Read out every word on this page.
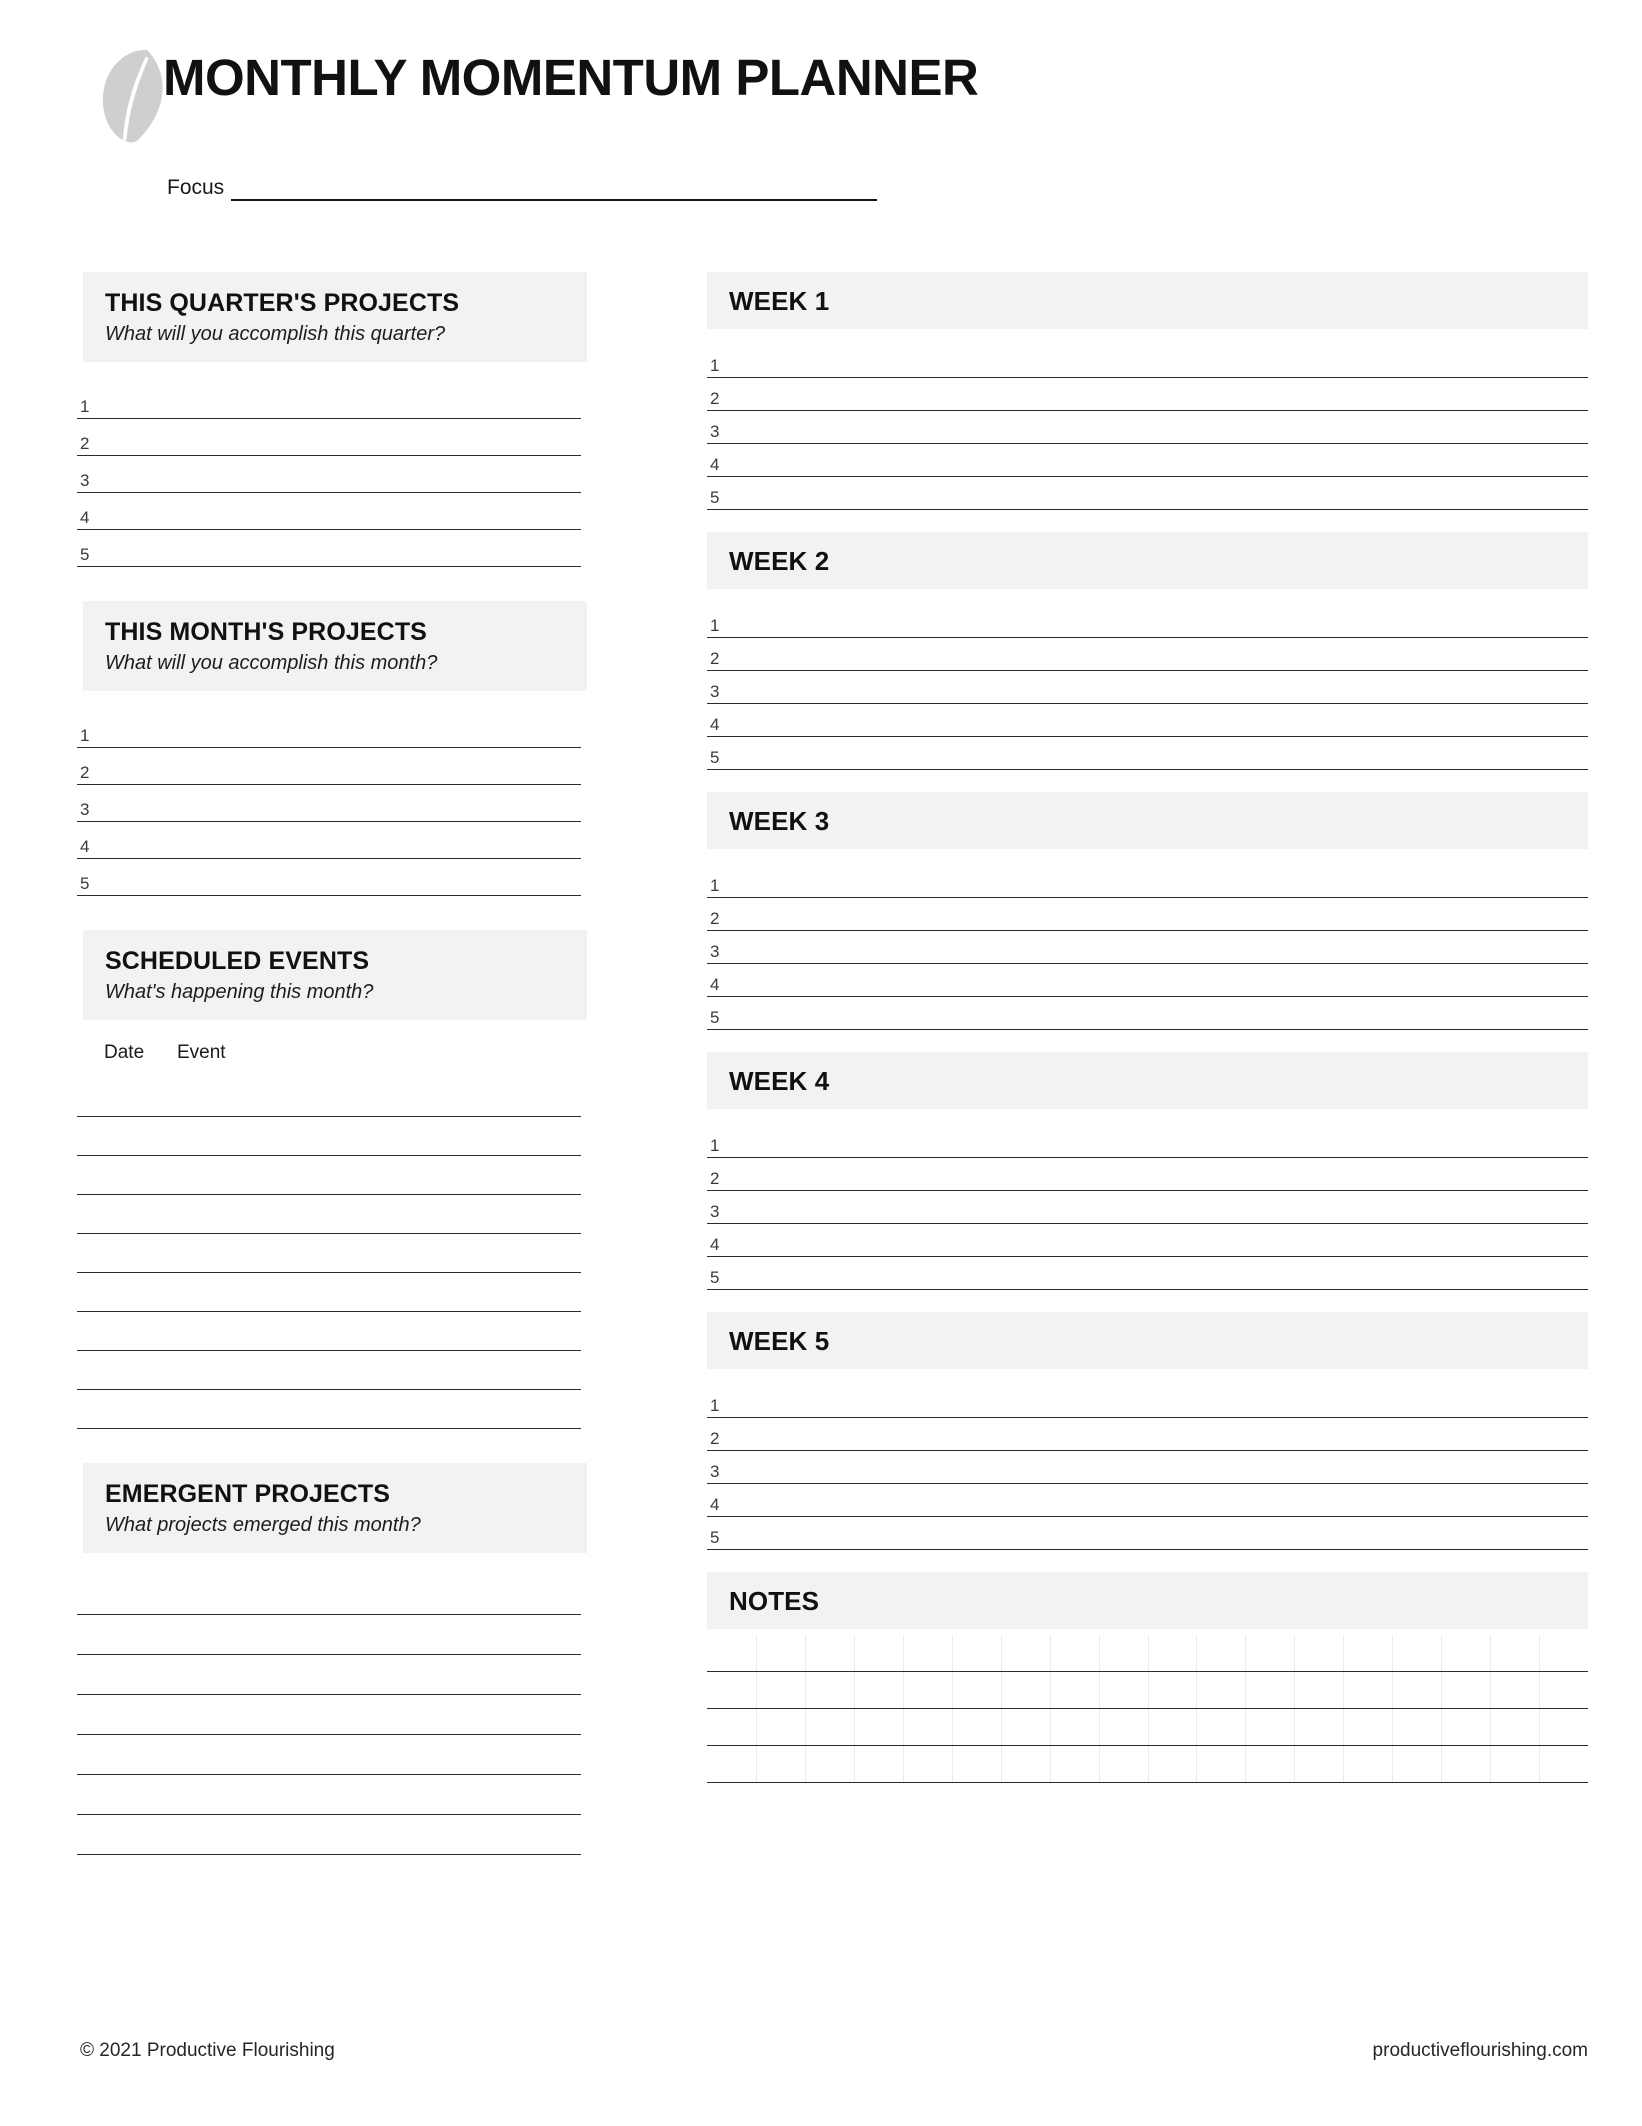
MONTHLY MOMENTUM PLANNER
Focus
THIS QUARTER'S PROJECTS
What will you accomplish this quarter?
1
2
3
4
5
THIS MONTH'S PROJECTS
What will you accomplish this month?
1
2
3
4
5
SCHEDULED EVENTS
What's happening this month?
Date Event
EMERGENT PROJECTS
What projects emerged this month?
WEEK 1
1
2
3
4
5
WEEK 2
1
2
3
4
5
WEEK 3
1
2
3
4
5
WEEK 4
1
2
3
4
5
WEEK 5
1
2
3
4
5
NOTES
© 2021 Productive Flourishing	productiveflourishing.com
